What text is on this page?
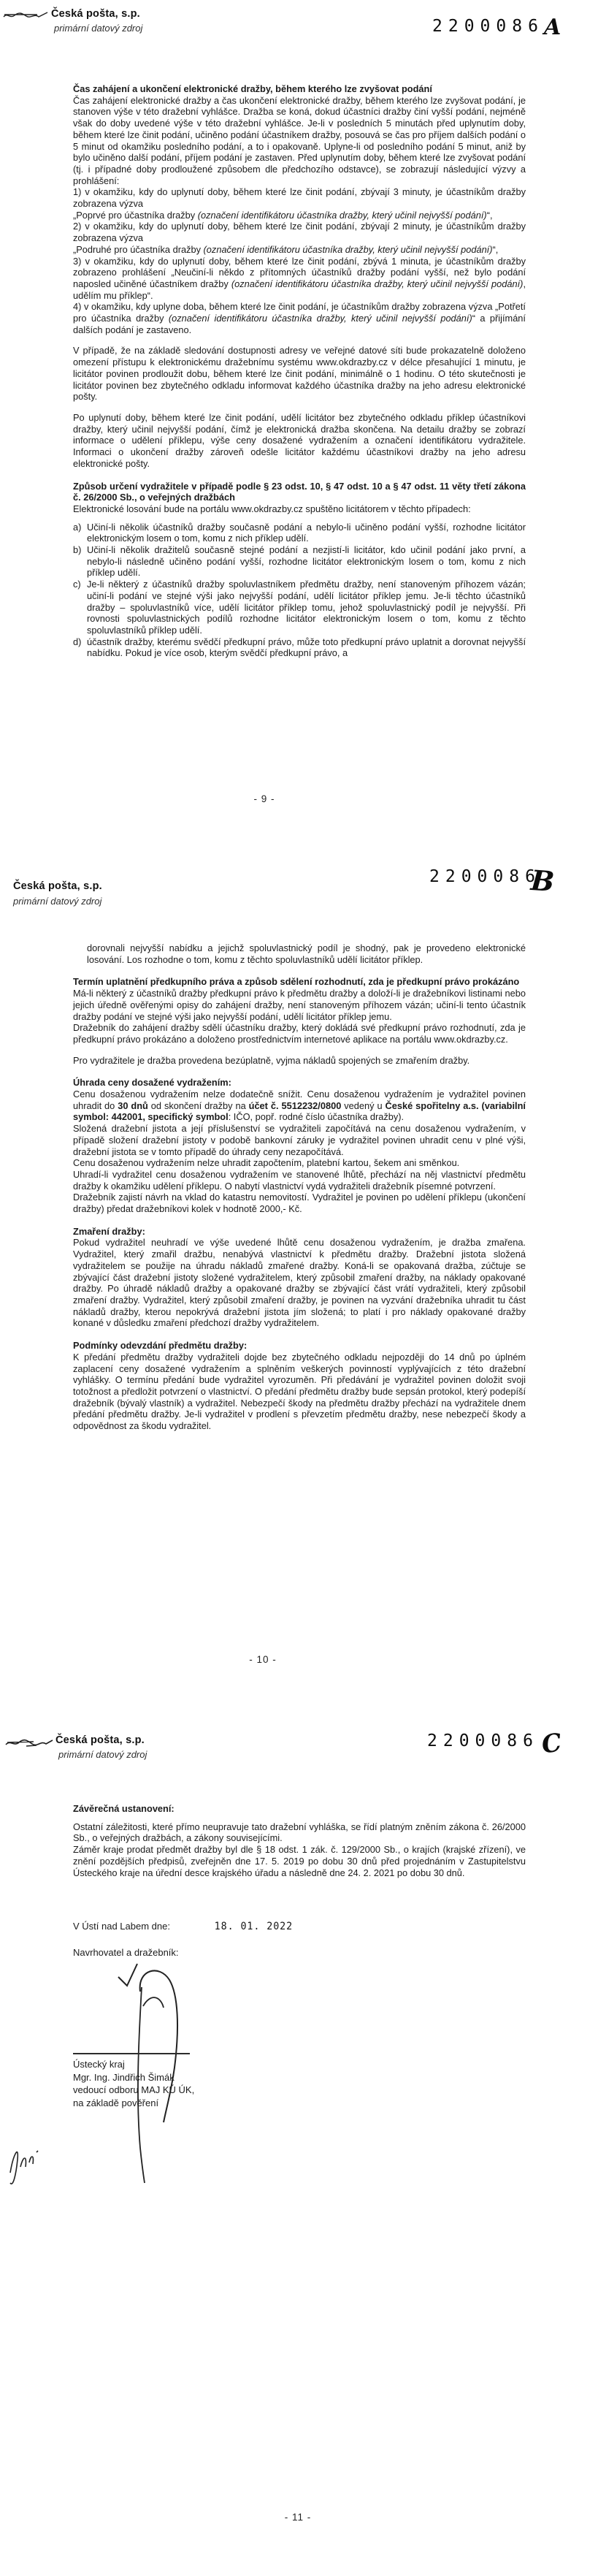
Česká pošta, s.p.
primární datový zdroj	2200086 A
Čas zahájení a ukončení elektronické dražby, během kterého lze zvyšovat podání
Čas zahájení elektronické dražby a čas ukončení elektronické dražby, během kterého lze zvyšovat podání, je stanoven výše v této dražební vyhlášce. Dražba se koná, dokud účastníci dražby činí vyšší podání, nejméně však do doby uvedené výše v této dražební vyhlášce. Je-li v posledních 5 minutách před uplynutím doby, během které lze činit podání, učiněno podání účastníkem dražby, posouvá se čas pro příjem dalších podání o 5 minut od okamžiku posledního podání, a to i opakovaně. Uplyne-li od posledního podání 5 minut, aniž by bylo učiněno další podání, příjem podání je zastaven. Před uplynutím doby, během které lze zvyšovat podání (tj. i případné doby prodloužené způsobem dle předchozího odstavce), se zobrazují následující výzvy a prohlášení:
1) v okamžiku, kdy do uplynutí doby, během které lze činit podání, zbývají 3 minuty, je účastníkům dražby zobrazena výzva
„Poprvé pro účastníka dražby (označení identifikátoru účastníka dražby, který učinil nejvyšší podání)“,
2) v okamžiku, kdy do uplynutí doby, během které lze činit podání, zbývají 2 minuty, je účastníkům dražby zobrazena výzva
„Podruhé pro účastníka dražby (označení identifikátoru účastníka dražby, který učinil nejvyšší podání)“,
3) v okamžiku, kdy do uplynutí doby, během které lze činit podání, zbývá 1 minuta, je účastníkům dražby zobrazeno prohlášení „Neučiní-li někdo z přítomných účastníků dražby podání vyšší, než bylo podání naposled učiněné účastníkem dražby (označení identifikátoru účastníka dražby, který učinil nejvyšší podání), udělím mu příklep“.
4) v okamžiku, kdy uplyne doba, během které lze činit podání, je účastníkům dražby zobrazena výzva „Potřetí pro účastníka dražby (označení identifikátoru účastníka dražby, který učinil nejvyšší podání)“ a přijímání dalších podání je zastaveno.
V případě, že na základě sledování dostupnosti adresy ve veřejné datové síti bude prokazatelně doloženo omezení přístupu k elektronickému dražebnímu systému www.okdrazby.cz v délce přesahující 1 minutu, je licitátor povinen prodloužit dobu, během které lze činit podání, minimálně o 1 hodinu. O této skutečnosti je licitátor povinen bez zbytečného odkladu informovat každého účastníka dražby na jeho adresu elektronické pošty.
Po uplynutí doby, během které lze činit podání, udělí licitátor bez zbytečného odkladu příklep účastníkovi dražby, který učinil nejvyšší podání, čímž je elektronická dražba skončena. Na detailu dražby se zobrazí informace o udělení příklepu, výše ceny dosažené vydražením a označení identifikátoru vydražitele. Informaci o ukončení dražby zároveň odešle licitátor každému účastníkovi dražby na jeho adresu elektronické pošty.
Způsob určení vydražitele v případě podle § 23 odst. 10, § 47 odst. 10 a § 47 odst. 11 věty třetí zákona č. 26/2000 Sb., o veřejných dražbách
Elektronické losování bude na portálu www.okdrazby.cz spuštěno licitátorem v těchto případech:
a) Učiní-li několik účastníků dražby současně podání a nebylo-li učiněno podání vyšší, rozhodne licitátor elektronickým losem o tom, komu z nich příklep udělí.
b) Učiní-li několik dražitelů současně stejné podání a nezjistí-li licitátor, kdo učinil podání jako první, a nebylo-li následně učiněno podání vyšší, rozhodne licitátor elektronickým losem o tom, komu z nich příklep udělí.
c) Je-li některý z účastníků dražby spoluvlastníkem předmětu dražby, není stanoveným příhozem vázán; učiní-li podání ve stejné výši jako nejvyšší podání, udělí licitátor příklep jemu. Je-li těchto účastníků dražby – spoluvlastníků více, udělí licitátor příklep tomu, jehož spoluvlastnický podíl je nejvyšší. Při rovnosti spoluvlastnických podílů rozhodne licitátor elektronickým losem o tom, komu z těchto spoluvlastníků příklep udělí.
d) účastník dražby, kterému svědčí předkupní právo, může toto předkupní právo uplatnit a dorovnat nejvyšší nabídku. Pokud je více osob, kterým svědčí předkupní právo, a
- 9 -
Česká pošta, s.p.
primární datový zdroj
2200086
B
dorovnali nejvyšší nabídku a jejichž spoluvlastnický podíl je shodný, pak je provedeno elektronické losování. Los rozhodne o tom, komu z těchto spoluvlastníků udělí licitátor příklep.
Termín uplatnění předkupního práva a způsob sdělení rozhodnutí, zda je předkupní právo prokázáno
Má-li některý z účastníků dražby předkupní právo k předmětu dražby a doloží-li je dražebníkovi listinami nebo jejich úředně ověřenými opisy do zahájení dražby, není stanoveným příhozem vázán; učiní-li tento účastník dražby podání ve stejné výši jako nejvyšší podání, udělí licitátor příklep jemu.
Dražebník do zahájení dražby sdělí účastníku dražby, který dokládá své předkupní právo rozhodnutí, zda je předkupní právo prokázáno a doloženo prostřednictvím internetové aplikace na portálu www.okdrazby.cz.
Pro vydražitele je dražba provedena bezúplatně, vyjma nákladů spojených se zmařením dražby.
Úhrada ceny dosažené vydražením:
Cenu dosaženou vydražením nelze dodatečně snížit. Cenu dosaženou vydražením je vydražitel povinen uhradit do 30 dnů od skončení dražby na účet č. 5512232/0800 vedený u České spořitelny a.s. (variabilní symbol: 442001, specifický symbol: IČO, popř. rodné číslo účastníka dražby).
Složená dražební jistota a její příslušenství se vydražiteli započítává na cenu dosaženou vydražením, v případě složení dražební jistoty v podobě bankovní záruky je vydražitel povinen uhradit cenu v plné výši, dražební jistota se v tomto případě do úhrady ceny nezapočítává.
Cenu dosaženou vydražením nelze uhradit započtením, platební kartou, šekem ani směnkou.
Uhradí-li vydražitel cenu dosaženou vydražením ve stanovené lhůtě, přechází na něj vlastnictví předmětu dražby k okamžiku udělení příklepu. O nabytí vlastnictví vydá vydražiteli dražebník písemné potvrzení.
Dražebník zajistí návrh na vklad do katastru nemovitostí. Vydražitel je povinen po udělení příklepu (ukončení dražby) předat dražebníkovi kolek v hodnotě 2000,- Kč.
Zmaření dražby:
Pokud vydražitel neuhradí ve výše uvedené lhůtě cenu dosaženou vydražením, je dražba zmařena. Vydražitel, který zmařil dražbu, nenabývá vlastnictví k předmětu dražby. Dražební jistota složená vydražitelem se použije na úhradu nákladů zmařené dražby. Koná-li se opakovaná dražba, zúčtuje se zbývající část dražební jistoty složené vydražitelem, který způsobil zmaření dražby, na náklady opakované dražby. Po úhradě nákladů dražby a opakované dražby se zbývající část vrátí vydražiteli, který způsobil zmaření dražby. Vydražitel, který způsobil zmaření dražby, je povinen na vyzvání dražebníka uhradit tu část nákladů dražby, kterou nepokrývá dražební jistota jím složená; to platí i pro náklady opakované dražby konané v důsledku zmaření předchozí dražby vydražitelem.
Podmínky odevzdání předmětu dražby:
K předání předmětu dražby vydražiteli dojde bez zbytečného odkladu nejpozději do 14 dnů po úplném zaplacení ceny dosažené vydražením a splněním veškerých povinností vyplývajících z této dražební vyhlášky. O termínu předání bude vydražitel vyrozuměn. Při předávání je vydražitel povinen doložit svoji totožnost a předložit potvrzení o vlastnictví. O předání předmětu dražby bude sepsán protokol, který podepíší dražebník (bývalý vlastník) a vydražitel. Nebezpečí škody na předmětu dražby přechází na vydražitele dnem předání předmětu dražby. Je-li vydražitel v prodlení s převzetím předmětu dražby, nese nebezpečí škody a odpovědnost za škodu vydražitel.
- 10 -
Česká pošta, s.p.
primární datový zdroj
2200086 C
Závěrečná ustanovení:
Ostatní záležitosti, které přímo neupravuje tato dražební vyhláška, se řídí platným zněním zákona č. 26/2000 Sb., o veřejných dražbách, a zákony souvisejícími.
Záměr kraje prodat předmět dražby byl dle § 18 odst. 1 zák. č. 129/2000 Sb., o krajích (krajské zřízení), ve znění pozdějších předpisů, zveřejněn dne 17. 5. 2019 po dobu 30 dnů před projednáním v Zastupitelstvu Ústeckého kraje na úřední desce krajského úřadu a následně dne 24. 2. 2021 po dobu 30 dnů.
V Ústí nad Labem dne:	18. 01. 2022
Navrhovatel a dražebník:
Ústecký kraj
Mgr. Ing. Jindřich Šimák
vedoucí odboru MAJ KÚ ÚK,
na základě pověření
- 11 -
